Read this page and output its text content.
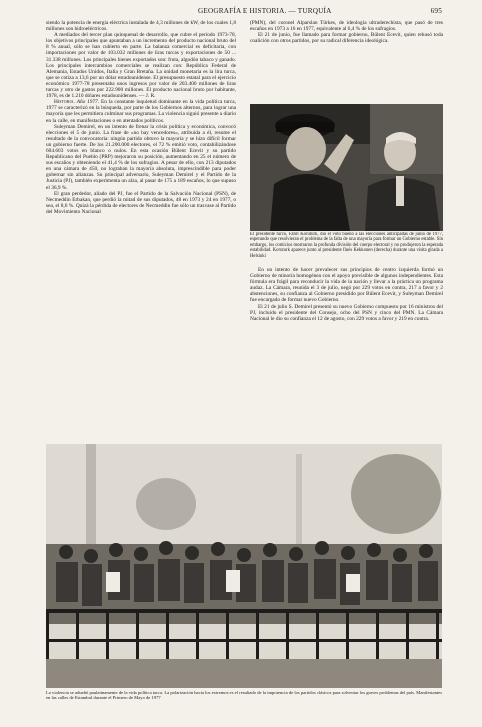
GEOGRAFÍA E HISTORIA. — TURQUÍA	695

siendo la potencia de energía eléctrica instalada de 4,3 millones de kW, de los cuales 1,8 millones son hidroeléctricos.

A mediados del tercer plan quinquenal de desarrollo, que cubre el período 1973-78, los objetivos principales que apuntaban a un incremento del producto nacional bruto del 8 % anual, sólo se han cubierto en parte. La balanza comercial es deficitaria, con importaciones por valor de 103.032 millones de liras turcas y exportaciones de 50 ... 31.338 millones. Los principales bienes exportados son: fruta, algodón tabaco y ganado. Los principales intercambios comerciales se realizan con: República Federal de Alemania, Estados Unidos, Italia y Gran Bretaña. La unidad monetaria es la lira turca, que se cotiza a 13,6 por un dólar estadounidense. El presupuesto estatal para el ejercicio económico 1977-78 presentaba unos ingresos por valor de 203.400 millones de liras turcas y otro de gastos por 222.900 millones. El producto nacional bruto por habitante, 1978, es de 1.210 dólares estadounidenses. — J. R.

Historia. Año 1977. En la constante inquietud dominante en la vida política turca, 1977 se caracterizó en la búsqueda, por parte de los Gobiernos alternos, para lograr una mayoría que les permitiera culminar sus programas. La violencia siguió presente a diario en la calle, en manifestaciones o en atentados políticos.

Suleyman Demirel, en un intento de frenar la crisis política y económica, convocó elecciones el 5 de junio. La frase de «no hay vencedores», atribuida a él, resume el resultado de la convocatoria: ningún partido obtuvo la mayoría y se hizo difícil formar un gobierno fuerte. De los 21.200.000 electores, el 72 % emitió voto, contabilizándose 604.603 votos en blanco o nulos. En esta ocasión Bülent Ecevit y su partido Republicano del Pueblo (PRP) mejoraron su posición, aumentando en 25 el número de sus escaños y obteniendo el 41,4 % de los sufragios. A pesar de ello, con 213 diputados en una cámara de 450, no lograban la mayoría absoluta, imprescindible para poder gobernar sin alianzas. Su principal adversario, Suleyman Demirel y el Partido de la Justicia (PJ), también experimenta un alza, al pasar de 175 a 189 escaños, lo que supuso el 36,9 %.

El gran perdedor, aliado del PJ, fue el Partido de la Salvación Nacional (PSN), de Necmeddin Erbakan, que perdió la mitad de sus diputados, 48 en 1973 y 24 en 1977, o sea, el 8,6 %. Quizá la pérdida de electores de Necmeddin fue sólo un trasvase al Partido del Movimiento Nacional

(PMN), del coronel Alparslan Türkes, de ideología ultraderechista, que pasó de tres escaños en 1973 a 16 en 1977, equivalente al 6,4 % de los sufragios.

El 21 de junio, fue llamado para formar gobierno, Bülent Ecevit, quien rehusó toda coalición con otros partidos, por su radical diferencia ideológica.

El presidente turco, Fahri Koruturk, dio el voto bueno a las elecciones anticipadas de junio de 1977, esperando que resolvieran el problema de la falta de una mayoría para formar un Gobierno estable. Sin embargo, los comicios mostraron la profunda división del cuerpo electoral y no produjeron la esperada estabilidad. Koruturk aparece junto al presidente finés Kekkonen (derecha) durante una visita girada a Helsinki

En un intento de hacer prevalecer sus principios de centro izquierda formó un Gobierno de minoría homogénea con el apoyo previsible de algunos independientes. Esta fórmula era frágil para reconducir la vida de la nación y llevar a la práctica un programa audaz. La Cámara, reunida el 3 de julio, negó por 229 votos en contra, 217 a favor y 2 abstenciones, su confianza al Gobierno presidido por Bülent Ecevit, y Suleyman Demirel fue encargado de formar nuevo Gobierno.

El 21 de julio S. Demirel presentó su nuevo Gobierno compuesto por 16 ministros del PJ, incluido el presidente del Consejo, ocho del PSN y cinco del PMN. La Cámara Nacional le dio su confianza el 12 de agosto, con 229 votos a favor y 219 en contra.

La violencia se adueñó paulatinamente de la vida política turca. La polarización hacia los extremos es el resultado de la impotencia de los partidos clásicos para solventar los graves problemas del país. Manifestantes en las calles de Estambul durante el Primero de Mayo de 1977
